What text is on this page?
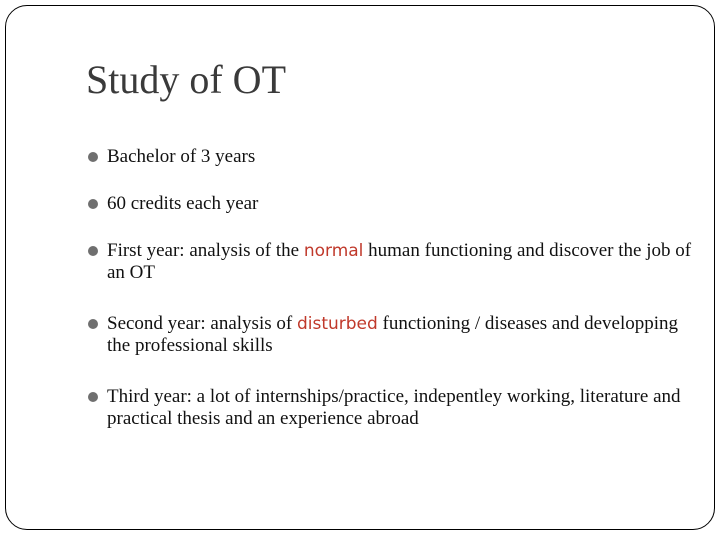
Study of OT
Bachelor of 3 years
60 credits each year
First year: analysis of the normal human functioning and discover the job of an OT
Second year: analysis of disturbed functioning / diseases and developping the professional skills
Third year: a lot of internships/practice, indepentley working, literature and practical thesis and an experience abroad
